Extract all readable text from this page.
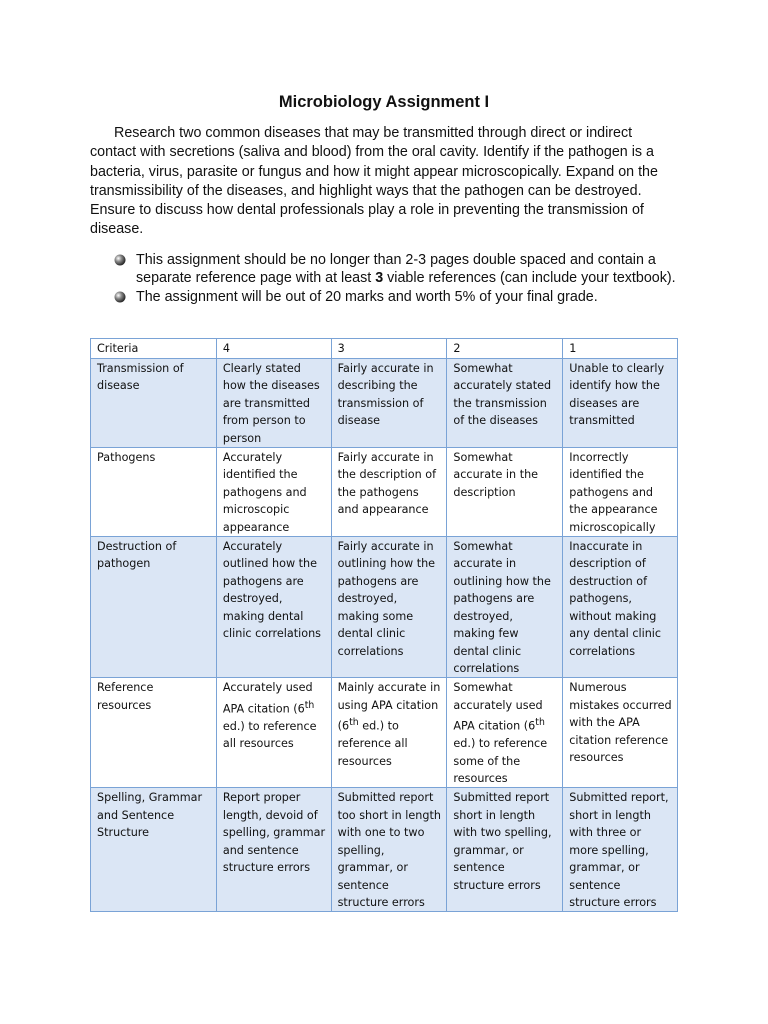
Microbiology Assignment I

Research two common diseases that may be transmitted through direct or indirect contact with secretions (saliva and blood) from the oral cavity. Identify if the pathogen is a bacteria, virus, parasite or fungus and how it might appear microscopically. Expand on the transmissibility of the diseases, and highlight ways that the pathogen can be destroyed. Ensure to discuss how dental professionals play a role in preventing the transmission of disease.

This assignment should be no longer than 2-3 pages double spaced and contain a separate reference page with at least 3 viable references (can include your textbook).
The assignment will be out of 20 marks and worth 5% of your final grade.
Criteria	4	3	2	1
Transmission of disease	Clearly stated how the diseases are transmitted from person to person	Fairly accurate in describing the transmission of disease	Somewhat accurately stated the transmission of the diseases	Unable to clearly identify how the diseases are transmitted
Pathogens	Accurately identified the pathogens and microscopic appearance	Fairly accurate in the description of the pathogens and appearance	Somewhat accurate in the description	Incorrectly identified the pathogens and the appearance microscopically
Destruction of pathogen	Accurately outlined how the pathogens are destroyed, making dental clinic correlations	Fairly accurate in outlining how the pathogens are destroyed, making some dental clinic correlations	Somewhat accurate in outlining how the pathogens are destroyed, making few dental clinic correlations	Inaccurate in description of destruction of pathogens, without making any dental clinic correlations
Reference resources	Accurately used APA citation (6th ed.) to reference all resources	Mainly accurate in using APA citation (6th ed.) to reference all resources	Somewhat accurately used APA citation (6th ed.) to reference some of the resources	Numerous mistakes occurred with the APA citation reference resources
Spelling, Grammar and Sentence Structure	Report proper length, devoid of spelling, grammar and sentence structure errors	Submitted report too short in length with one to two spelling, grammar, or sentence structure errors	Submitted report short in length with two spelling, grammar, or sentence structure errors	Submitted report, short in length with three or more spelling, grammar, or sentence structure errors
